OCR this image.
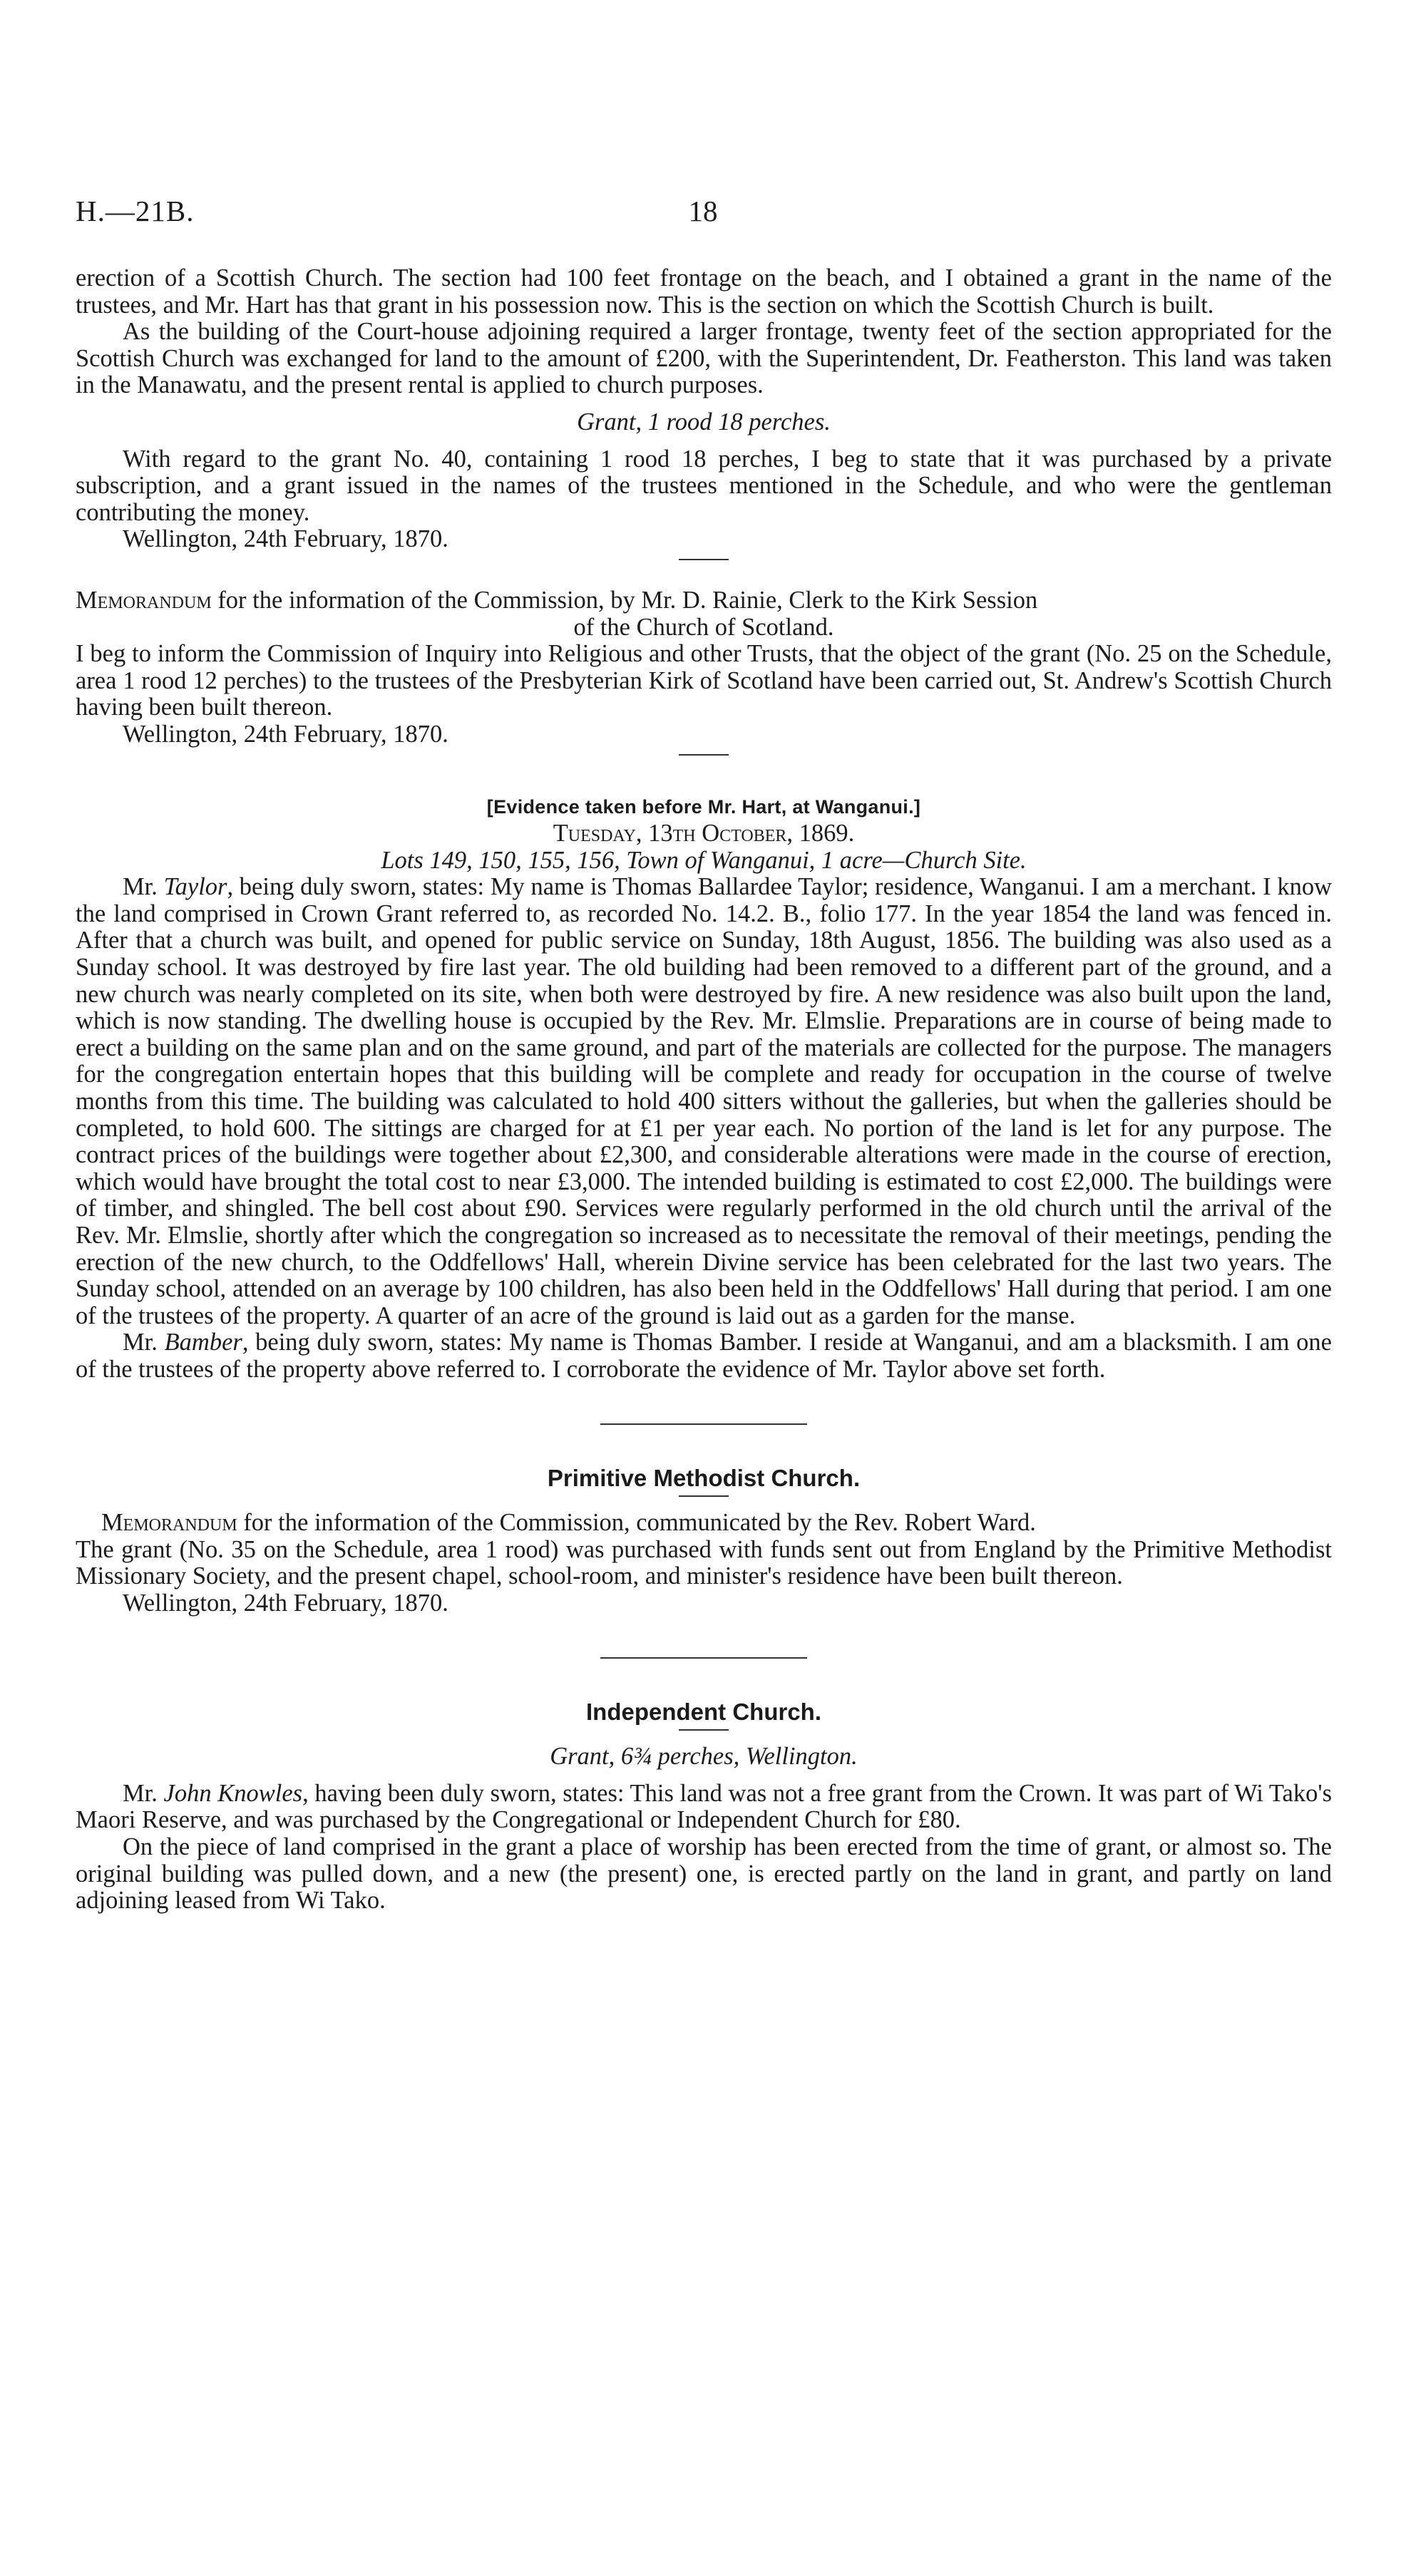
H.—21B.	18

erection of a Scottish Church. The section had 100 feet frontage on the beach, and I obtained a grant in the name of the trustees, and Mr. Hart has that grant in his possession now. This is the section on which the Scottish Church is built.

As the building of the Court-house adjoining required a larger frontage, twenty feet of the section appropriated for the Scottish Church was exchanged for land to the amount of £200, with the Superintendent, Dr. Featherston. This land was taken in the Manawatu, and the present rental is applied to church purposes.

Grant, 1 rood 18 perches.

With regard to the grant No. 40, containing 1 rood 18 perches, I beg to state that it was purchased by a private subscription, and a grant issued in the names of the trustees mentioned in the Schedule, and who were the gentleman contributing the money.

Wellington, 24th February, 1870.

Memorandum for the information of the Commission, by Mr. D. Rainie, Clerk to the Kirk Session

of the Church of Scotland.

I beg to inform the Commission of Inquiry into Religious and other Trusts, that the object of the grant (No. 25 on the Schedule, area 1 rood 12 perches) to the trustees of the Presbyterian Kirk of Scotland have been carried out, St. Andrew's Scottish Church having been built thereon.

Wellington, 24th February, 1870.

[Evidence taken before Mr. Hart, at Wanganui.]

Tuesday, 13th October, 1869.

Lots 149, 150, 155, 156, Town of Wanganui, 1 acre—Church Site.

Mr. Taylor, being duly sworn, states: My name is Thomas Ballardee Taylor; residence, Wanganui. I am a merchant. I know the land comprised in Crown Grant referred to, as recorded No. 14.2. B., folio 177. In the year 1854 the land was fenced in. After that a church was built, and opened for public service on Sunday, 18th August, 1856. The building was also used as a Sunday school. It was destroyed by fire last year. The old building had been removed to a different part of the ground, and a new church was nearly completed on its site, when both were destroyed by fire. A new residence was also built upon the land, which is now standing. The dwelling house is occupied by the Rev. Mr. Elmslie. Preparations are in course of being made to erect a building on the same plan and on the same ground, and part of the materials are collected for the purpose. The managers for the congregation entertain hopes that this building will be complete and ready for occupation in the course of twelve months from this time. The building was calculated to hold 400 sitters without the galleries, but when the galleries should be completed, to hold 600. The sittings are charged for at £1 per year each. No portion of the land is let for any purpose. The contract prices of the buildings were together about £2,300, and considerable alterations were made in the course of erection, which would have brought the total cost to near £3,000. The intended building is estimated to cost £2,000. The buildings were of timber, and shingled. The bell cost about £90. Services were regularly performed in the old church until the arrival of the Rev. Mr. Elmslie, shortly after which the congregation so increased as to necessitate the removal of their meetings, pending the erection of the new church, to the Oddfellows' Hall, wherein Divine service has been celebrated for the last two years. The Sunday school, attended on an average by 100 children, has also been held in the Oddfellows' Hall during that period. I am one of the trustees of the property. A quarter of an acre of the ground is laid out as a garden for the manse.

Mr. Bamber, being duly sworn, states: My name is Thomas Bamber. I reside at Wanganui, and am a blacksmith. I am one of the trustees of the property above referred to. I corroborate the evidence of Mr. Taylor above set forth.

Primitive Methodist Church.

Memorandum for the information of the Commission, communicated by the Rev. Robert Ward.

The grant (No. 35 on the Schedule, area 1 rood) was purchased with funds sent out from England by the Primitive Methodist Missionary Society, and the present chapel, school-room, and minister's residence have been built thereon.

Wellington, 24th February, 1870.

Independent Church.

Grant, 6¾ perches, Wellington.

Mr. John Knowles, having been duly sworn, states: This land was not a free grant from the Crown. It was part of Wi Tako's Maori Reserve, and was purchased by the Congregational or Independent Church for £80.

On the piece of land comprised in the grant a place of worship has been erected from the time of grant, or almost so. The original building was pulled down, and a new (the present) one, is erected partly on the land in grant, and partly on land adjoining leased from Wi Tako.
